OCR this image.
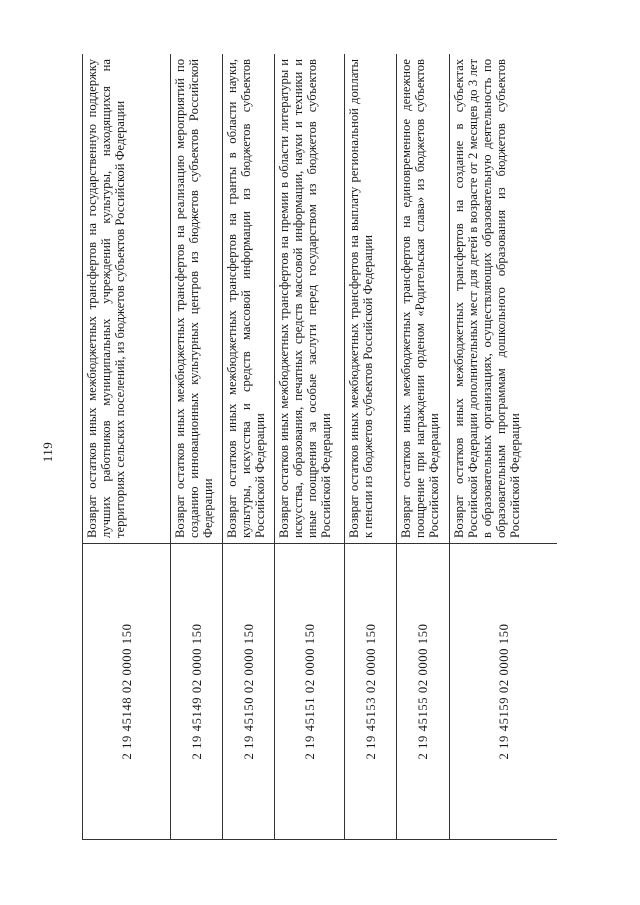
119
2 19 45148 02 0000 150	Возврат остатков иных межбюджетных трансфертов на государственную поддержку лучших работников муниципальных учреждений культуры, находящихся на территориях сельских поселений, из бюджетов субъектов Российской Федерации
2 19 45149 02 0000 150	Возврат остатков иных межбюджетных трансфертов на реализацию мероприятий по созданию инновационных культурных центров из бюджетов субъектов Российской Федерации
2 19 45150 02 0000 150	Возврат остатков иных межбюджетных трансфертов на гранты в области науки, культуры, искусства и средств массовой информации из бюджетов субъектов Российской Федерации
2 19 45151 02 0000 150	Возврат остатков иных межбюджетных трансфертов на премии в области литературы и искусства, образования, печатных средств массовой информации, науки и техники и иные поощрения за особые заслуги перед государством из бюджетов субъектов Российской Федерации
2 19 45153 02 0000 150	Возврат остатков иных межбюджетных трансфертов на выплату региональной доплаты к пенсии из бюджетов субъектов Российской Федерации
2 19 45155 02 0000 150	Возврат остатков иных межбюджетных трансфертов на единовременное денежное поощрение при награждении орденом «Родительская слава» из бюджетов субъектов Российской Федерации
2 19 45159 02 0000 150	Возврат остатков иных межбюджетных трансфертов на создание в субъектах Российской Федерации дополнительных мест для детей в возрасте от 2 месяцев до 3 лет в образовательных организациях, осуществляющих образовательную деятельность по образовательным программам дошкольного образования из бюджетов субъектов Российской Федерации
